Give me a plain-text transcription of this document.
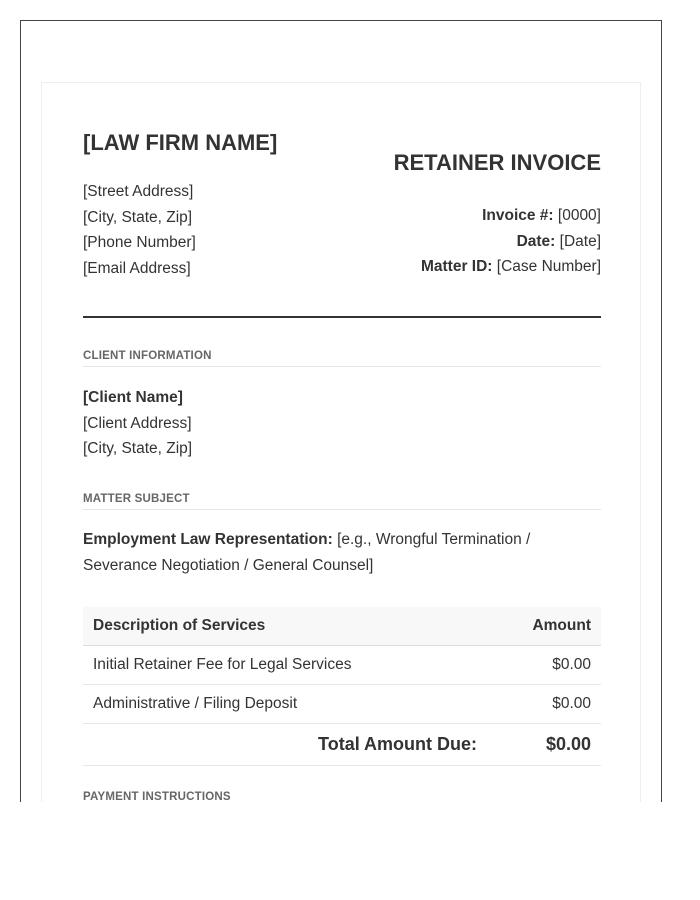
[LAW FIRM NAME]
[Street Address]
[City, State, Zip]
[Phone Number]
[Email Address]
RETAINER INVOICE
Invoice #: [0000]
Date: [Date]
Matter ID: [Case Number]
CLIENT INFORMATION
[Client Name]
[Client Address]
[City, State, Zip]
MATTER SUBJECT
Employment Law Representation: [e.g., Wrongful Termination / Severance Negotiation / General Counsel]
Description of Services	Amount
Initial Retainer Fee for Legal Services	$0.00
Administrative / Filing Deposit	$0.00
Total Amount Due:	$0.00
PAYMENT INSTRUCTIONS
